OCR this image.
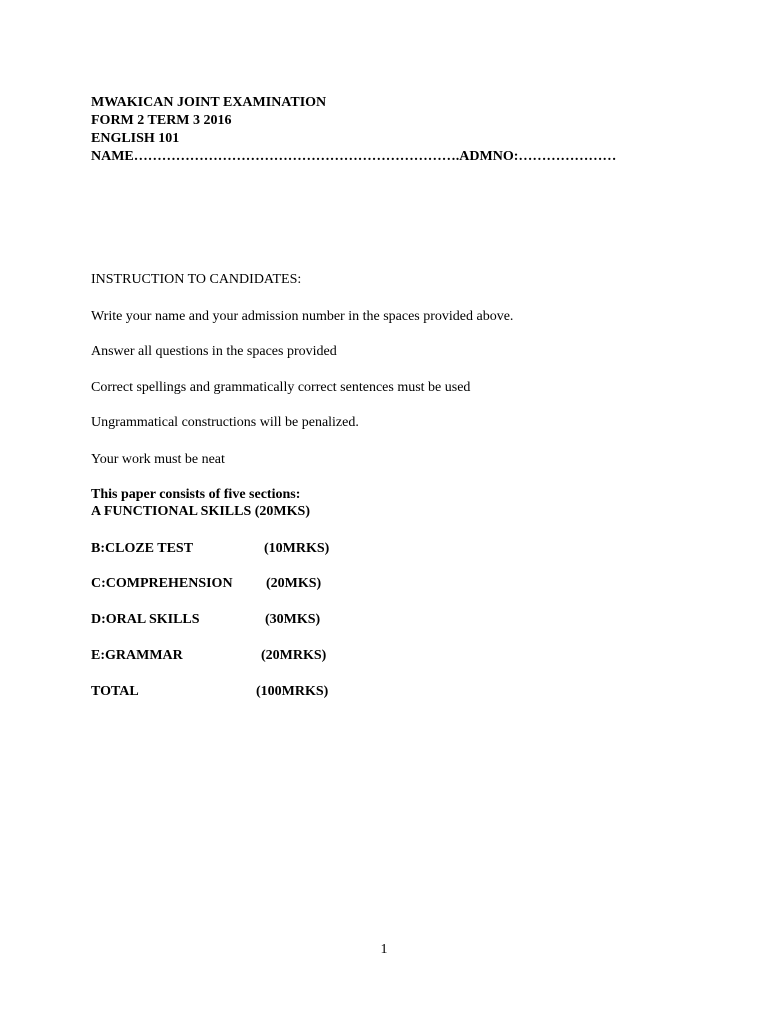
MWAKICAN JOINT EXAMINATION
FORM 2 TERM 3 2016
ENGLISH 101
NAME…………………………………………………………….ADMNO:…………………
INSTRUCTION TO CANDIDATES:
Write your name and your admission number in the spaces provided above.
Answer all questions in the spaces provided
Correct spellings and grammatically correct sentences must be used
Ungrammatical constructions will be penalized.
Your work must be neat
This paper consists of five sections:
A FUNCTIONAL SKILLS (20MKS)
B:CLOZE TEST	(10MRKS)
C:COMPREHENSION (20MKS)
D:ORAL SKILLS	(30MKS)
E:GRAMMAR	(20MRKS)
TOTAL	(100MRKS)
1
